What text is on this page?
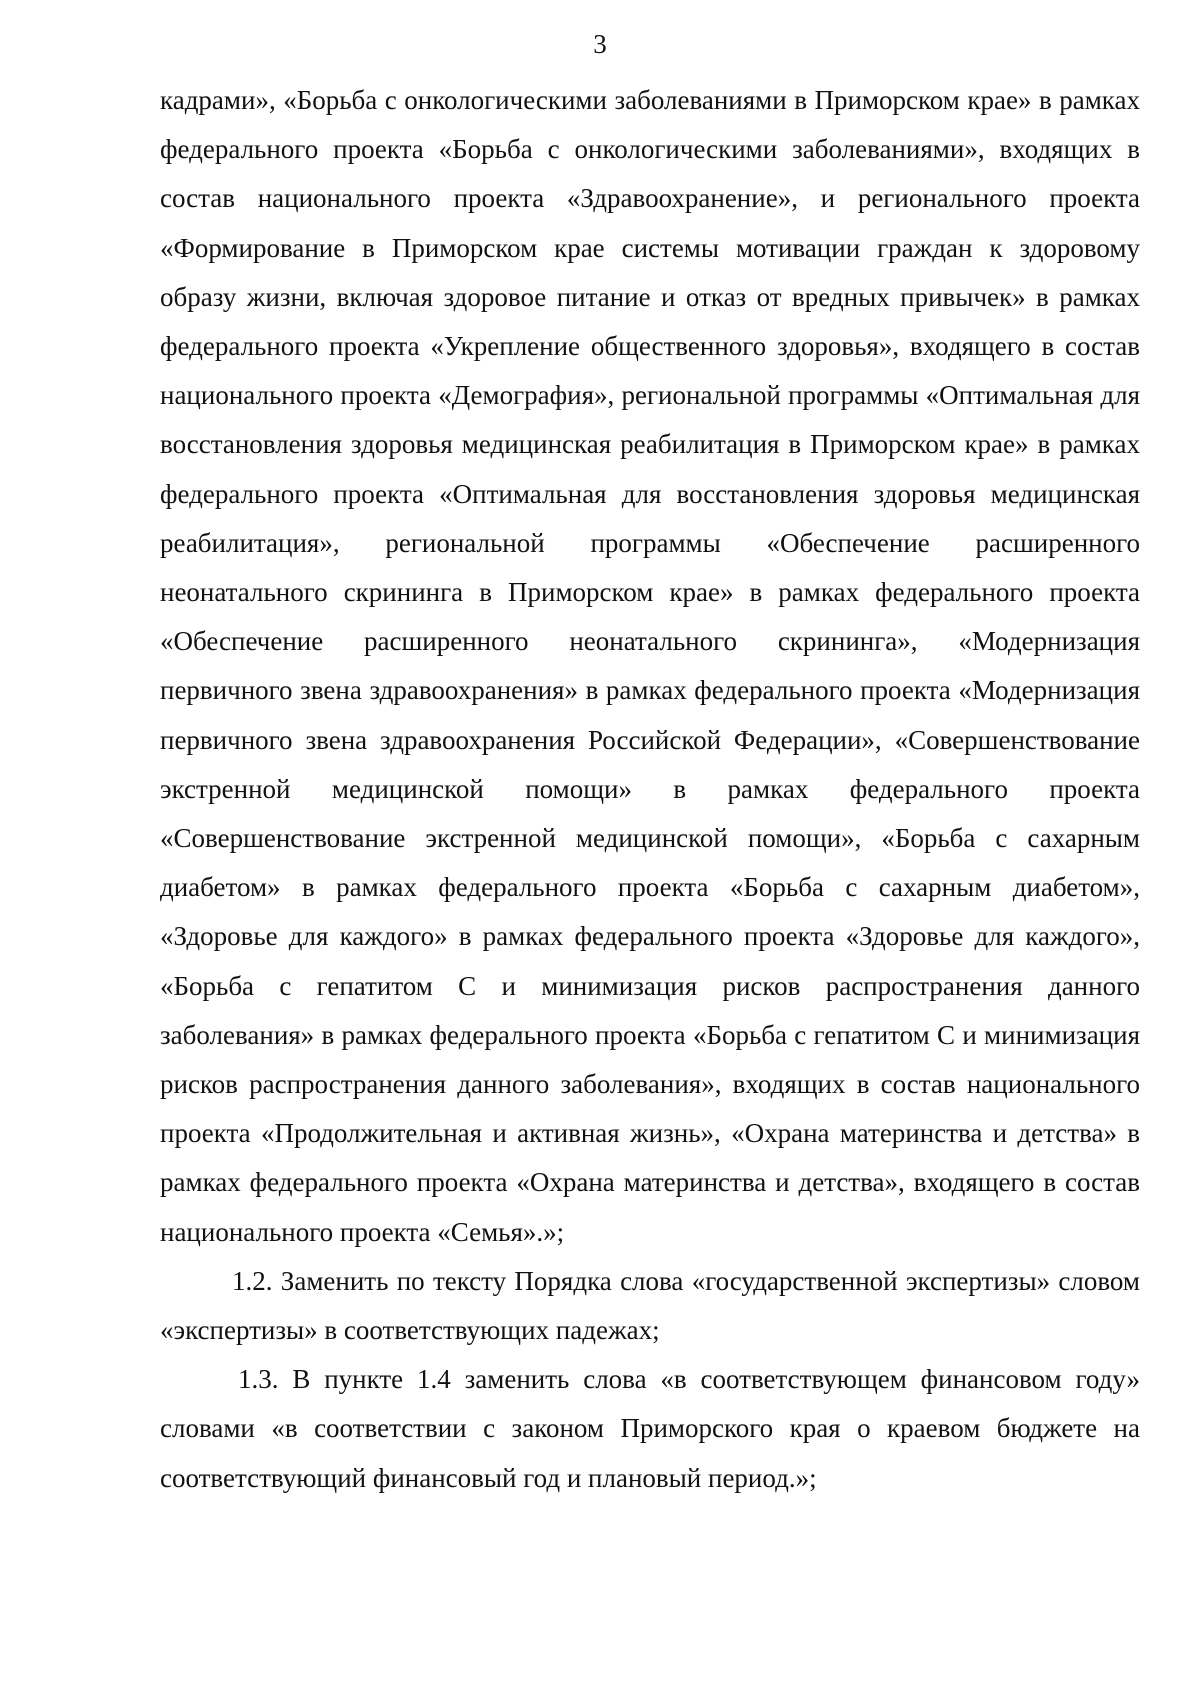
3

кадрами», «Борьба с онкологическими заболеваниями в Приморском крае» в рамках федерального проекта «Борьба с онкологическими заболеваниями», входящих в состав национального проекта «Здравоохранение», и регионального проекта «Формирование в Приморском крае системы мотивации граждан к здоровому образу жизни, включая здоровое питание и отказ от вредных привычек» в рамках федерального проекта «Укрепление общественного здоровья», входящего в состав национального проекта «Демография», региональной программы «Оптимальная для восстановления здоровья медицинская реабилитация в Приморском крае» в рамках федерального проекта «Оптимальная для восстановления здоровья медицинская реабилитация», региональной программы «Обеспечение расширенного неонатального скрининга в Приморском крае» в рамках федерального проекта «Обеспечение расширенного неонатального скрининга», «Модернизация первичного звена здравоохранения» в рамках федерального проекта «Модернизация первичного звена здравоохранения Российской Федерации», «Совершенствование экстренной медицинской помощи» в рамках федерального проекта «Совершенствование экстренной медицинской помощи», «Борьба с сахарным диабетом» в рамках федерального проекта «Борьба с сахарным диабетом», «Здоровье для каждого» в рамках федерального проекта «Здоровье для каждого», «Борьба с гепатитом С и минимизация рисков распространения данного заболевания» в рамках федерального проекта «Борьба с гепатитом С и минимизация рисков распространения данного заболевания», входящих в состав национального проекта «Продолжительная и активная жизнь», «Охрана материнства и детства» в рамках федерального проекта «Охрана материнства и детства», входящего в состав национального проекта «Семья».»;

1.2. Заменить по тексту Порядка слова «государственной экспертизы» словом «экспертизы» в соответствующих падежах;

1.3. В пункте 1.4 заменить слова «в соответствующем финансовом году» словами «в соответствии с законом Приморского края о краевом бюджете на соответствующий финансовый год и плановый период.»;
